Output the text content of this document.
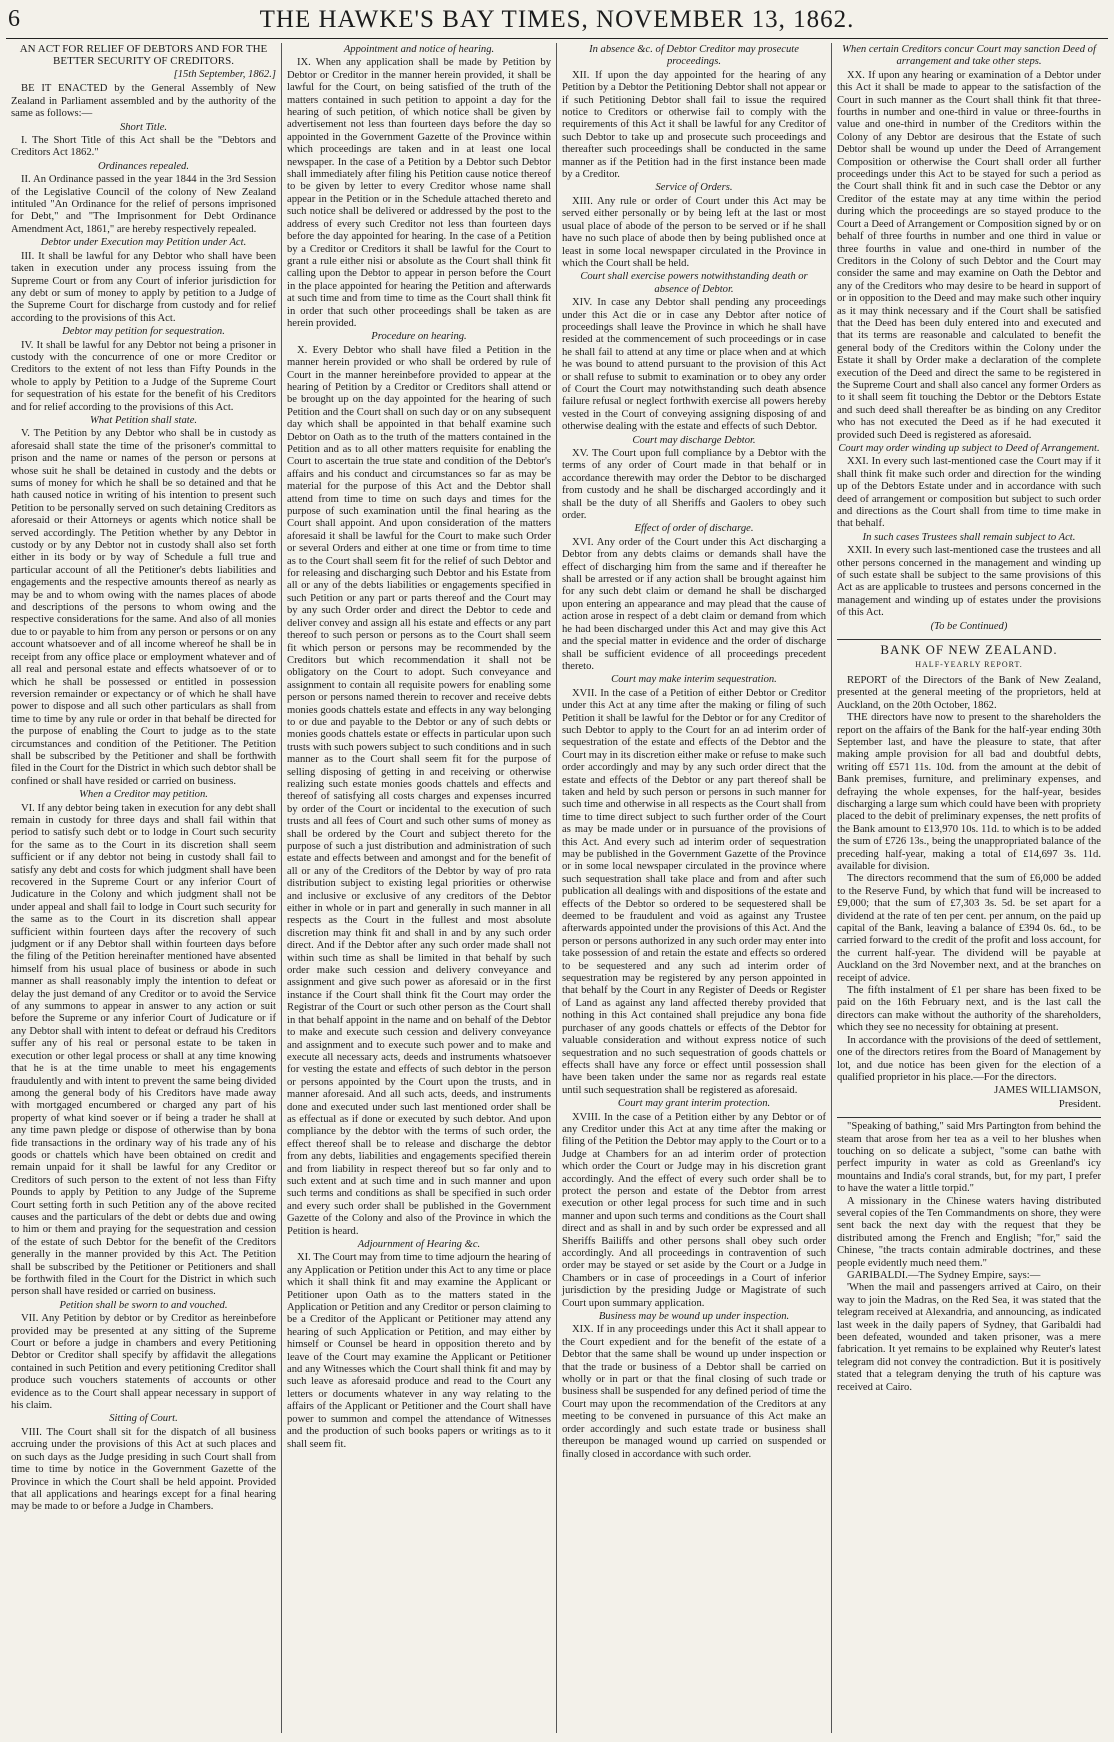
6	THE HAWKE'S BAY TIMES, NOVEMBER 13, 1862.
AN ACT FOR RELIEF OF DEBTORS AND FOR THE BETTER SECURITY OF CREDITORS.
[15th September, 1862.]

BE IT ENACTED by the General Assembly of New Zealand in Parliament assembled and by the authority of the same as follows:—

Short Title.

I. The Short Title of this Act shall be the "Debtors and Creditors Act 1862."

Ordinances repealed.

II. An Ordinance passed in the year 1844 in the 3rd Session of the Legislative Council of the colony of New Zealand intituled "An Ordinance for the relief of persons imprisoned for Debt," and "The Imprisonment for Debt Ordinance Amendment Act, 1861," are hereby respectively repealed.

Debtor under Execution may Petition under Act.

III. It shall be lawful for any Debtor who shall have been taken in execution under any process issuing from the Supreme Court or from any Court of inferior jurisdiction for any debt or sum of money to apply by petition to a Judge of the Supreme Court for discharge from custody and for relief according to the provisions of this Act.

Debtor may petition for sequestration.

IV. It shall be lawful for any Debtor not being a prisoner in custody with the concurrence of one or more Creditor or Creditors to the extent of not less than Fifty Pounds in the whole to apply by Petition to a Judge of the Supreme Court for sequestration of his estate for the benefit of his Creditors and for relief according to the provisions of this Act.

What Petition shall state.

V. The Petition by any Debtor who shall be in custody as aforesaid shall state the time of the prisoner's committal to prison and the name or names of the person or persons at whose suit he shall be detained in custody and the debts or sums of money for which he shall be so detained and that he hath caused notice in writing of his intention to present such Petition to be personally served on such detaining Creditors as aforesaid or their Attorneys or agents which notice shall be served accordingly. The Petition whether by any Debtor in custody or by any Debtor not in custody shall also set forth either in its body or by way of Schedule a full true and particular account of all the Petitioner's debts liabilities and engagements and the respective amounts thereof as nearly as may be and to whom owing with the names places of abode and descriptions of the persons to whom owing and the respective considerations for the same. And also of all monies due to or payable to him from any person or persons or on any account whatsoever and of all income whereof he shall be in receipt from any office place or employment whatever and of all real and personal estate and effects whatsoever of or to which he shall be possessed or entitled in possession reversion remainder or expectancy or of which he shall have power to dispose and all such other particulars as shall from time to time by any rule or order in that behalf be directed for the purpose of enabling the Court to judge as to the state circumstances and condition of the Petitioner. The Petition shall be subscribed by the Petitioner and shall be forthwith filed in the Court for the District in which such debtor shall be confined or shall have resided or carried on business.

When a Creditor may petition.

VI. If any debtor being taken in execution for any debt shall remain in custody for three days and shall fail within that period to satisfy such debt or to lodge in Court such security for the same as to the Court in its discretion shall seem sufficient or if any debtor not being in custody shall fail to satisfy any debt and costs for which judgment shall have been recovered in the Supreme Court or any inferior Court of Judicature in the Colony and which judgment shall not be under appeal and shall fail to lodge in Court such security for the same as to the Court in its discretion shall appear sufficient within fourteen days after the recovery of such judgment or if any Debtor shall within fourteen days before the filing of the Petition hereinafter mentioned have absented himself from his usual place of business or abode in such manner as shall reasonably imply the intention to defeat or delay the just demand of any Creditor or to avoid the Service of any summons to appear in answer to any action or suit before the Supreme or any inferior Court of Judicature or if any Debtor shall with intent to defeat or defraud his Creditors suffer any of his real or personal estate to be taken in execution or other legal process or shall at any time knowing that he is at the time unable to meet his engagements fraudulently and with intent to prevent the same being divided among the general body of his Creditors have made away with mortgaged encumbered or charged any part of his property of what kind soever or if being a trader he shall at any time pawn pledge or dispose of otherwise than by bona fide transactions in the ordinary way of his trade any of his goods or chattels which have been obtained on credit and remain unpaid for it shall be lawful for any Creditor or Creditors of such person to the extent of not less than Fifty Pounds to apply by Petition to any Judge of the Supreme Court setting forth in such Petition any of the above recited causes and the particulars of the debt or debts due and owing to him or them and praying for the sequestration and cession of the estate of such Debtor for the benefit of the Creditors generally in the manner provided by this Act. The Petition shall be subscribed by the Petitioner or Petitioners and shall be forthwith filed in the Court for the District in which such person shall have resided or carried on business.

Petition shall be sworn to and vouched.

VII. Any Petition by debtor or by Creditor as hereinbefore provided may be presented at any sitting of the Supreme Court or before a judge in chambers and every Petitioning Debtor or Creditor shall specify by affidavit the allegations contained in such Petition and every petitioning Creditor shall produce such vouchers statements of accounts or other evidence as to the Court shall appear necessary in support of his claim.

Sitting of Court.

VIII. The Court shall sit for the dispatch of all business accruing under the provisions of this Act at such places and on such days as the Judge presiding in such Court shall from time to time by notice in the Government Gazette of the Province in which the Court shall be held appoint. Provided that all applications and hearings except for a final hearing may be made to or before a Judge in Chambers.

Appointment and notice of hearing.

IX. When any application shall be made by Petition by Debtor or Creditor in the manner herein provided, it shall be lawful for the Court, on being satisfied of the truth of the matters contained in such petition to appoint a day for the hearing of such petition, of which notice shall be given by advertisement not less than fourteen days before the day so appointed in the Government Gazette of the Province within which proceedings are taken and in at least one local newspaper. In the case of a Petition by a Debtor such Debtor shall immediately after filing his Petition cause notice thereof to be given by letter to every Creditor whose name shall appear in the Petition or in the Schedule attached thereto and such notice shall be delivered or addressed by the post to the address of every such Creditor not less than fourteen days before the day appointed for hearing. In the case of a Petition by a Creditor or Creditors it shall be lawful for the Court to grant a rule either nisi or absolute as the Court shall think fit calling upon the Debtor to appear in person before the Court in the place appointed for hearing the Petition and afterwards at such time and from time to time as the Court shall think fit in order that such other proceedings shall be taken as are herein provided.

Procedure on hearing.

X. Every Debtor who shall have filed a Petition in the manner herein provided or who shall be ordered by rule of Court in the manner hereinbefore provided to appear at the hearing of Petition by a Creditor or Creditors shall attend or be brought up on the day appointed for the hearing of such Petition and the Court shall on such day or on any subsequent day which shall be appointed in that behalf examine such Debtor on Oath as to the truth of the matters contained in the Petition and as to all other matters requisite for enabling the Court to ascertain the true state and condition of the Debtor's affairs and his conduct and circumstances so far as may be material for the purpose of this Act and the Debtor shall attend from time to time on such days and times for the purpose of such examination until the final hearing as the Court shall appoint. And upon consideration of the matters aforesaid it shall be lawful for the Court to make such Order or several Orders and either at one time or from time to time as to the Court shall seem fit for the relief of such Debtor and for releasing and discharging such Debtor and his Estate from all or any of the debts liabilities or engagements specified in such Petition or any part or parts thereof and the Court may by any such Order order and direct the Debtor to cede and deliver convey and assign all his estate and effects or any part thereof to such person or persons as to the Court shall seem fit which person or persons may be recommended by the Creditors but which recommendation it shall not be obligatory on the Court to adopt. Such conveyance and assignment to contain all requisite powers for enabling some person or persons named therein to recover and receive debts monies goods chattels estate and effects in any way belonging to or due and payable to the Debtor or any of such debts or monies goods chattels estate or effects in particular upon such trusts with such powers subject to such conditions and in such manner as to the Court shall seem fit for the purpose of selling disposing of getting in and receiving or otherwise realizing such estate monies goods chattels and effects and thereof of satisfying all costs charges and expenses incurred by order of the Court or incidental to the execution of such trusts and all fees of Court and such other sums of money as shall be ordered by the Court and subject thereto for the purpose of such a just distribution and administration of such estate and effects between and amongst and for the benefit of all or any of the Creditors of the Debtor by way of pro rata distribution subject to existing legal priorities or otherwise and inclusive or exclusive of any creditors of the Debtor either in whole or in part and generally in such manner in all respects as the Court in the fullest and most absolute discretion may think fit and shall in and by any such order direct. And if the Debtor after any such order made shall not within such time as shall be limited in that behalf by such order make such cession and delivery conveyance and assignment and give such power as aforesaid or in the first instance if the Court shall think fit the Court may order the Registrar of the Court or such other person as the Court shall in that behalf appoint in the name and on behalf of the Debtor to make and execute such cession and delivery conveyance and assignment and to execute such power and to make and execute all necessary acts, deeds and instruments whatsoever for vesting the estate and effects of such debtor in the person or persons appointed by the Court upon the trusts, and in manner aforesaid. And all such acts, deeds, and instruments done and executed under such last mentioned order shall be as effectual as if done or executed by such debtor. And upon compliance by the debtor with the terms of such order, the effect thereof shall be to release and discharge the debtor from any debts, liabilities and engagements specified therein and from liability in respect thereof but so far only and to such extent and at such time and in such manner and upon such terms and conditions as shall be specified in such order and every such order shall be published in the Government Gazette of the Colony and also of the Province in which the Petition is heard.

Adjournment of Hearing &c.

XI. The Court may from time to time adjourn the hearing of any Application or Petition under this Act to any time or place which it shall think fit and may examine the Applicant or Petitioner upon Oath as to the matters stated in the Application or Petition and any Creditor or person claiming to be a Creditor of the Applicant or Petitioner may attend any hearing of such Application or Petition, and may either by himself or Counsel be heard in opposition thereto and by leave of the Court may examine the Applicant or Petitioner and any Witnesses which the Court shall think fit and may by such leave as aforesaid produce and read to the Court any letters or documents whatever in any way relating to the affairs of the Applicant or Petitioner and the Court shall have power to summon and compel the attendance of Witnesses and the production of such books papers or writings as to it shall seem fit.

In absence &c. of Debtor Creditor may prosecute proceedings.

XII. If upon the day appointed for the hearing of any Petition by a Debtor the Petitioning Debtor shall not appear or if such Petitioning Debtor shall fail to issue the required notice to Creditors or otherwise fail to comply with the requirements of this Act it shall be lawful for any Creditor of such Debtor to take up and prosecute such proceedings and thereafter such proceedings shall be conducted in the same manner as if the Petition had in the first instance been made by a Creditor.

Service of Orders.

XIII. Any rule or order of Court under this Act may be served either personally or by being left at the last or most usual place of abode of the person to be served or if he shall have no such place of abode then by being published once at least in some local newspaper circulated in the Province in which the Court shall be held.

Court shall exercise powers notwithstanding death or absence of Debtor.

XIV. In case any Debtor shall pending any proceedings under this Act die or in case any Debtor after notice of proceedings shall leave the Province in which he shall have resided at the commencement of such proceedings or in case he shall fail to attend at any time or place when and at which he was bound to attend pursuant to the provision of this Act or shall refuse to submit to examination or to obey any order of Court the Court may notwithstanding such death absence failure refusal or neglect forthwith exercise all powers hereby vested in the Court of conveying assigning disposing of and otherwise dealing with the estate and effects of such Debtor.

Court may discharge Debtor.

XV. The Court upon full compliance by a Debtor with the terms of any order of Court made in that behalf or in accordance therewith may order the Debtor to be discharged from custody and he shall be discharged accordingly and it shall be the duty of all Sheriffs and Gaolers to obey such order.

Effect of order of discharge.

XVI. Any order of the Court under this Act discharging a Debtor from any debts claims or demands shall have the effect of discharging him from the same and if thereafter he shall be arrested or if any action shall be brought against him for any such debt claim or demand he shall be discharged upon entering an appearance and may plead that the cause of action arose in respect of a debt claim or demand from which he had been discharged under this Act and may give this Act and the special matter in evidence and the order of discharge shall be sufficient evidence of all proceedings precedent thereto.

Court may make interim sequestration.

XVII. In the case of a Petition of either Debtor or Creditor under this Act at any time after the making or filing of such Petition it shall be lawful for the Debtor or for any Creditor of such Debtor to apply to the Court for an ad interim order of sequestration of the estate and effects of the Debtor and the Court may in its discretion either make or refuse to make such order accordingly and may by any such order direct that the estate and effects of the Debtor or any part thereof shall be taken and held by such person or persons in such manner for such time and otherwise in all respects as the Court shall from time to time direct subject to such further order of the Court as may be made under or in pursuance of the provisions of this Act. And every such ad interim order of sequestration may be published in the Government Gazette of the Province or in some local newspaper circulated in the province where such sequestration shall take place and from and after such publication all dealings with and dispositions of the estate and effects of the Debtor so ordered to be sequestered shall be deemed to be fraudulent and void as against any Trustee afterwards appointed under the provisions of this Act. And the person or persons authorized in any such order may enter into take possession of and retain the estate and effects so ordered to be sequestered and any such ad interim order of sequestration may be registered by any person appointed in that behalf by the Court in any Register of Deeds or Register of Land as against any land affected thereby provided that nothing in this Act contained shall prejudice any bona fide purchaser of any goods chattels or effects of the Debtor for valuable consideration and without express notice of such sequestration and no such sequestration of goods chattels or effects shall have any force or effect until possession shall have been taken under the same nor as regards real estate until such sequestration shall be registered as aforesaid.

Court may grant interim protection.

XVIII. In the case of a Petition either by any Debtor or of any Creditor under this Act at any time after the making or filing of the Petition the Debtor may apply to the Court or to a Judge at Chambers for an ad interim order of protection which order the Court or Judge may in his discretion grant accordingly. And the effect of every such order shall be to protect the person and estate of the Debtor from arrest execution or other legal process for such time and in such manner and upon such terms and conditions as the Court shall direct and as shall in and by such order be expressed and all Sheriffs Bailiffs and other persons shall obey such order accordingly. And all proceedings in contravention of such order may be stayed or set aside by the Court or a Judge in Chambers or in case of proceedings in a Court of inferior jurisdiction by the presiding Judge or Magistrate of such Court upon summary application.

Business may be wound up under inspection.

XIX. If in any proceedings under this Act it shall appear to the Court expedient and for the benefit of the estate of a Debtor that the same shall be wound up under inspection or that the trade or business of a Debtor shall be carried on wholly or in part or that the final closing of such trade or business shall be suspended for any defined period of time the Court may upon the recommendation of the Creditors at any meeting to be convened in pursuance of this Act make an order accordingly and such estate trade or business shall thereupon be managed wound up carried on suspended or finally closed in accordance with such order.

When certain Creditors concur Court may sanction Deed of arrangement and take other steps.

XX. If upon any hearing or examination of a Debtor under this Act it shall be made to appear to the satisfaction of the Court in such manner as the Court shall think fit that three-fourths in number and one-third in value or three-fourths in value and one-third in number of the Creditors within the Colony of any Debtor are desirous that the Estate of such Debtor shall be wound up under the Deed of Arrangement Composition or otherwise the Court shall order all further proceedings under this Act to be stayed for such a period as the Court shall think fit and in such case the Debtor or any Creditor of the estate may at any time within the period during which the proceedings are so stayed produce to the Court a Deed of Arrangement or Composition signed by or on behalf of three fourths in number and one third in value or three fourths in value and one-third in number of the Creditors in the Colony of such Debtor and the Court may consider the same and may examine on Oath the Debtor and any of the Creditors who may desire to be heard in support of or in opposition to the Deed and may make such other inquiry as it may think necessary and if the Court shall be satisfied that the Deed has been duly entered into and executed and that its terms are reasonable and calculated to benefit the general body of the Creditors within the Colony under the Estate it shall by Order make a declaration of the complete execution of the Deed and direct the same to be registered in the Supreme Court and shall also cancel any former Orders as to it shall seem fit touching the Debtor or the Debtors Estate and such deed shall thereafter be as binding on any Creditor who has not executed the Deed as if he had executed it provided such Deed is registered as aforesaid.

Court may order winding up subject to Deed of Arrangement.

XXI. In every such last-mentioned case the Court may if it shall think fit make such order and direction for the winding up of the Debtors Estate under and in accordance with such deed of arrangement or composition but subject to such order and directions as the Court shall from time to time make in that behalf.

In such cases Trustees shall remain subject to Act.

XXII. In every such last-mentioned case the trustees and all other persons concerned in the management and winding up of such estate shall be subject to the same provisions of this Act as are applicable to trustees and persons concerned in the management and winding up of estates under the provisions of this Act.

(To be Continued)
BANK OF NEW ZEALAND.
HALF-YEARLY REPORT.

REPORT of the Directors of the Bank of New Zealand, presented at the general meeting of the proprietors, held at Auckland, on the 20th October, 1862.

THE directors have now to present to the shareholders the report on the affairs of the Bank for the half-year ending 30th September last, and have the pleasure to state, that after making ample provision for all bad and doubtful debts, writing off £571 11s. 10d. from the amount at the debit of Bank premises, furniture, and preliminary expenses, and defraying the whole expenses, for the half-year, besides discharging a large sum which could have been with propriety placed to the debit of preliminary expenses, the nett profits of the Bank amount to £13,970 10s. 11d. to which is to be added the sum of £726 13s., being the unappropriated balance of the preceding half-year, making a total of £14,697 3s. 11d. available for division.

The directors recommend that the sum of £6,000 be added to the Reserve Fund, by which that fund will be increased to £9,000; that the sum of £7,303 3s. 5d. be set apart for a dividend at the rate of ten per cent. per annum, on the paid up capital of the Bank, leaving a balance of £394 0s. 6d., to be carried forward to the credit of the profit and loss account, for the current half-year. The dividend will be payable at Auckland on the 3rd November next, and at the branches on receipt of advice.

The fifth instalment of £1 per share has been fixed to be paid on the 16th February next, and is the last call the directors can make without the authority of the shareholders, which they see no necessity for obtaining at present.

In accordance with the provisions of the deed of settlement, one of the directors retires from the Board of Management by lot, and due notice has been given for the election of a qualified proprietor in his place.—For the directors.

JAMES WILLIAMSON,
President.

"Speaking of bathing," said Mrs Partington from behind the steam that arose from her tea as a veil to her blushes when touching on so delicate a subject, "some can bathe with perfect impurity in water as cold as Greenland's icy mountains and India's coral strands, but, for my part, I prefer to have the water a little torpid."

A missionary in the Chinese waters having distributed several copies of the Ten Commandments on shore, they were sent back the next day with the request that they be distributed among the French and English; "for," said the Chinese, "the tracts contain admirable doctrines, and these people evidently much need them."

GARIBALDI.—The Sydney Empire, says:—

'When the mail and passengers arrived at Cairo, on their way to join the Madras, on the Red Sea, it was stated that the telegram received at Alexandria, and announcing, as indicated last week in the daily papers of Sydney, that Garibaldi had been defeated, wounded and taken prisoner, was a mere fabrication. It yet remains to be explained why Reuter's latest telegram did not convey the contradiction. But it is positively stated that a telegram denying the truth of his capture was received at Cairo.
